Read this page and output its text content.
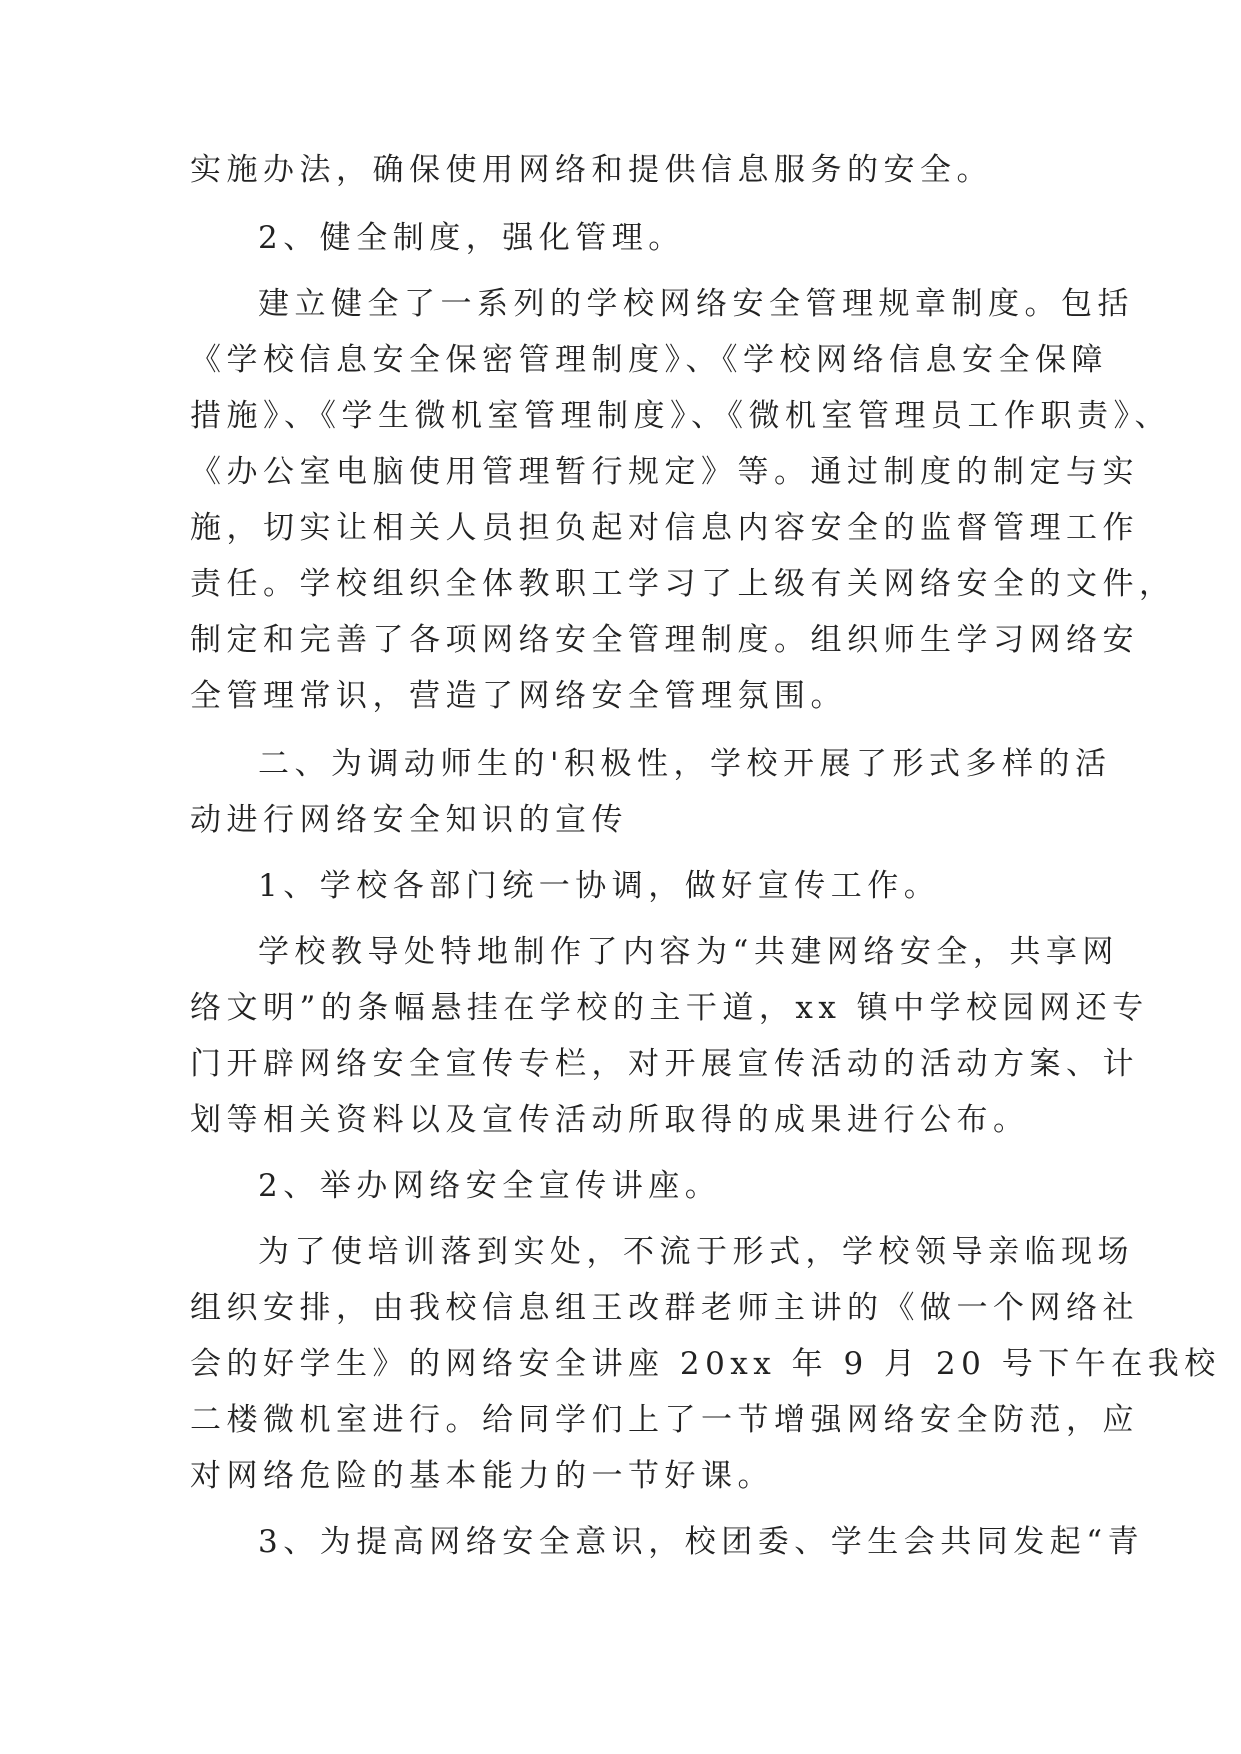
实施办法，确保使用网络和提供信息服务的安全。
2、健全制度，强化管理。
建立健全了一系列的学校网络安全管理规章制度。包括
《学校信息安全保密管理制度》、《学校网络信息安全保障
措施》、《学生微机室管理制度》、《微机室管理员工作职责》、
《办公室电脑使用管理暂行规定》等。通过制度的制定与实
施，切实让相关人员担负起对信息内容安全的监督管理工作
责任。学校组织全体教职工学习了上级有关网络安全的文件，
制定和完善了各项网络安全管理制度。组织师生学习网络安
全管理常识，营造了网络安全管理氛围。
二、为调动师生的'积极性，学校开展了形式多样的活
动进行网络安全知识的宣传
1、学校各部门统一协调，做好宣传工作。
学校教导处特地制作了内容为“共建网络安全，共享网
络文明”的条幅悬挂在学校的主干道，xx 镇中学校园网还专
门开辟网络安全宣传专栏，对开展宣传活动的活动方案、计
划等相关资料以及宣传活动所取得的成果进行公布。
2、举办网络安全宣传讲座。
为了使培训落到实处，不流于形式，学校领导亲临现场
组织安排，由我校信息组王改群老师主讲的《做一个网络社
会的好学生》的网络安全讲座 20xx 年 9 月 20 号下午在我校
二楼微机室进行。给同学们上了一节增强网络安全防范，应
对网络危险的基本能力的一节好课。
3、为提高网络安全意识，校团委、学生会共同发起“青
